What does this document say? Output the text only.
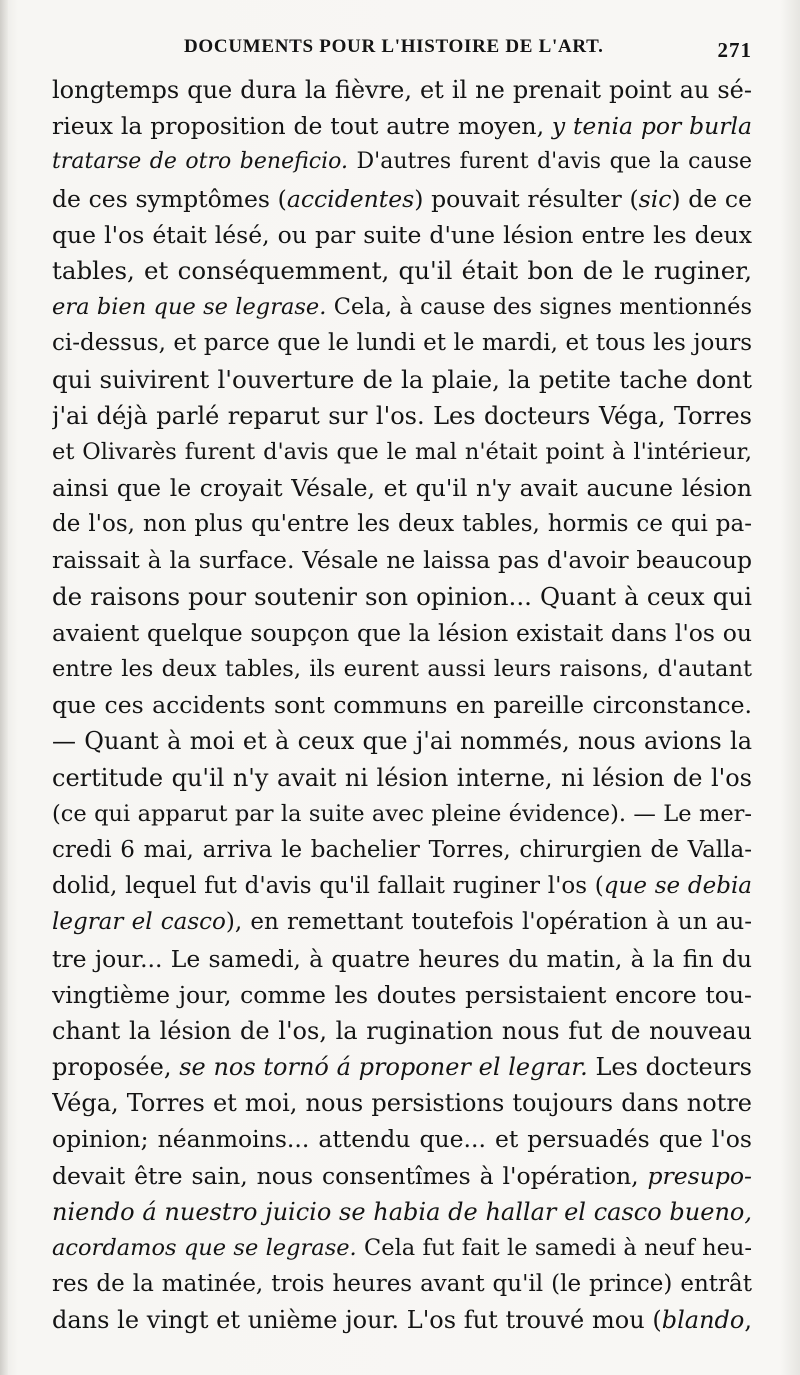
DOCUMENTS POUR L'HISTOIRE DE L'ART.	271
longtemps que dura la fièvre, et il ne prenait point au sé-
rieux la proposition de tout autre moyen, y tenia por burla
tratarse de otro beneficio. D'autres furent d'avis que la cause
de ces symptômes (accidentes) pouvait résulter (sic) de ce
que l'os était lésé, ou par suite d'une lésion entre les deux
tables, et conséquemment, qu'il était bon de le ruginer,
era bien que se legrase. Cela, à cause des signes mentionnés
ci-dessus, et parce que le lundi et le mardi, et tous les jours
qui suivirent l'ouverture de la plaie, la petite tache dont
j'ai déjà parlé reparut sur l'os. Les docteurs Véga, Torres
et Olivarès furent d'avis que le mal n'était point à l'intérieur,
ainsi que le croyait Vésale, et qu'il n'y avait aucune lésion
de l'os, non plus qu'entre les deux tables, hormis ce qui pa-
raissait à la surface. Vésale ne laissa pas d'avoir beaucoup
de raisons pour soutenir son opinion... Quant à ceux qui
avaient quelque soupçon que la lésion existait dans l'os ou
entre les deux tables, ils eurent aussi leurs raisons, d'autant
que ces accidents sont communs en pareille circonstance.
— Quant à moi et à ceux que j'ai nommés, nous avions la
certitude qu'il n'y avait ni lésion interne, ni lésion de l'os
(ce qui apparut par la suite avec pleine évidence). — Le mer-
credi 6 mai, arriva le bachelier Torres, chirurgien de Valla-
dolid, lequel fut d'avis qu'il fallait ruginer l'os (que se debia
legrar el casco), en remettant toutefois l'opération à un au-
tre jour... Le samedi, à quatre heures du matin, à la fin du
vingtième jour, comme les doutes persistaient encore tou-
chant la lésion de l'os, la rugination nous fut de nouveau
proposée, se nos tornó á proponer el legrar. Les docteurs
Véga, Torres et moi, nous persistions toujours dans notre
opinion; néanmoins... attendu que... et persuadés que l'os
devait être sain, nous consentîmes à l'opération, presupo-
niendo á nuestro juicio se habia de hallar el casco bueno,
acordamos que se legrase. Cela fut fait le samedi à neuf heu-
res de la matinée, trois heures avant qu'il (le prince) entrât
dans le vingt et unième jour. L'os fut trouvé mou (blando,
